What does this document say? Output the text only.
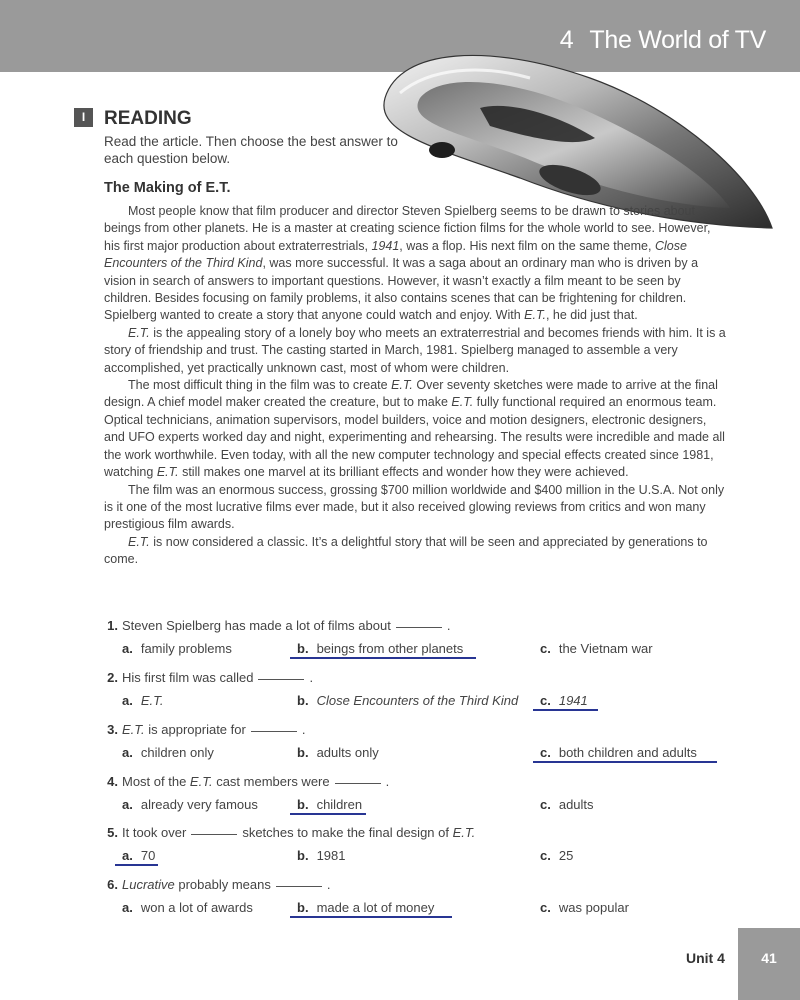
4 The World of TV
I READING
Read the article. Then choose the best answer to each question below.
The Making of E.T.

Most people know that film producer and director Steven Spielberg seems to be drawn to stories about beings from other planets. He is a master at creating science fiction films for the whole world to see. However, his first major production about extraterrestrials, 1941, was a flop. His next film on the same theme, Close Encounters of the Third Kind, was more successful. It was a saga about an ordinary man who is driven by a vision in search of answers to important questions. However, it wasn’t exactly a film meant to be seen by children. Besides focusing on family problems, it also contains scenes that can be frightening for children. Spielberg wanted to create a story that anyone could watch and enjoy. With E.T., he did just that.

E.T. is the appealing story of a lonely boy who meets an extraterrestrial and becomes friends with him. It is a story of friendship and trust. The casting started in March, 1981. Spielberg managed to assemble a very accomplished, yet practically unknown cast, most of whom were children.

The most difficult thing in the film was to create E.T. Over seventy sketches were made to arrive at the final design. A chief model maker created the creature, but to make E.T. fully functional required an enormous team. Optical technicians, animation supervisors, model builders, voice and motion designers, electronic designers, and UFO experts worked day and night, experimenting and rehearsing. The results were incredible and made all the work worthwhile. Even today, with all the new computer technology and special effects created since 1981, watching E.T. still makes one marvel at its brilliant effects and wonder how they were achieved.

The film was an enormous success, grossing $700 million worldwide and $400 million in the U.S.A. Not only is it one of the most lucrative films ever made, but it also received glowing reviews from critics and won many prestigious film awards.

E.T. is now considered a classic. It’s a delightful story that will be seen and appreciated by generations to come.

1. Steven Spielberg has made a lot of films about	.
a. family problems	b. beings from other planets	c. the Vietnam war
2. His first film was called	.
a. E.T.	b. Close Encounters of the Third Kind c. 1941
3. E.T. is appropriate for	.
a. children only	b. adults only	c. both children and adults
4. Most of the E.T. cast members were	.
a. already very famous	b. children	c. adults
5. It took over	sketches to make the final design of E.T.
a. 70	b. 1981	c. 25
6. Lucrative probably means	.
a. won a lot of awards	b. made a lot of money	c. was popular
Unit 4	41
